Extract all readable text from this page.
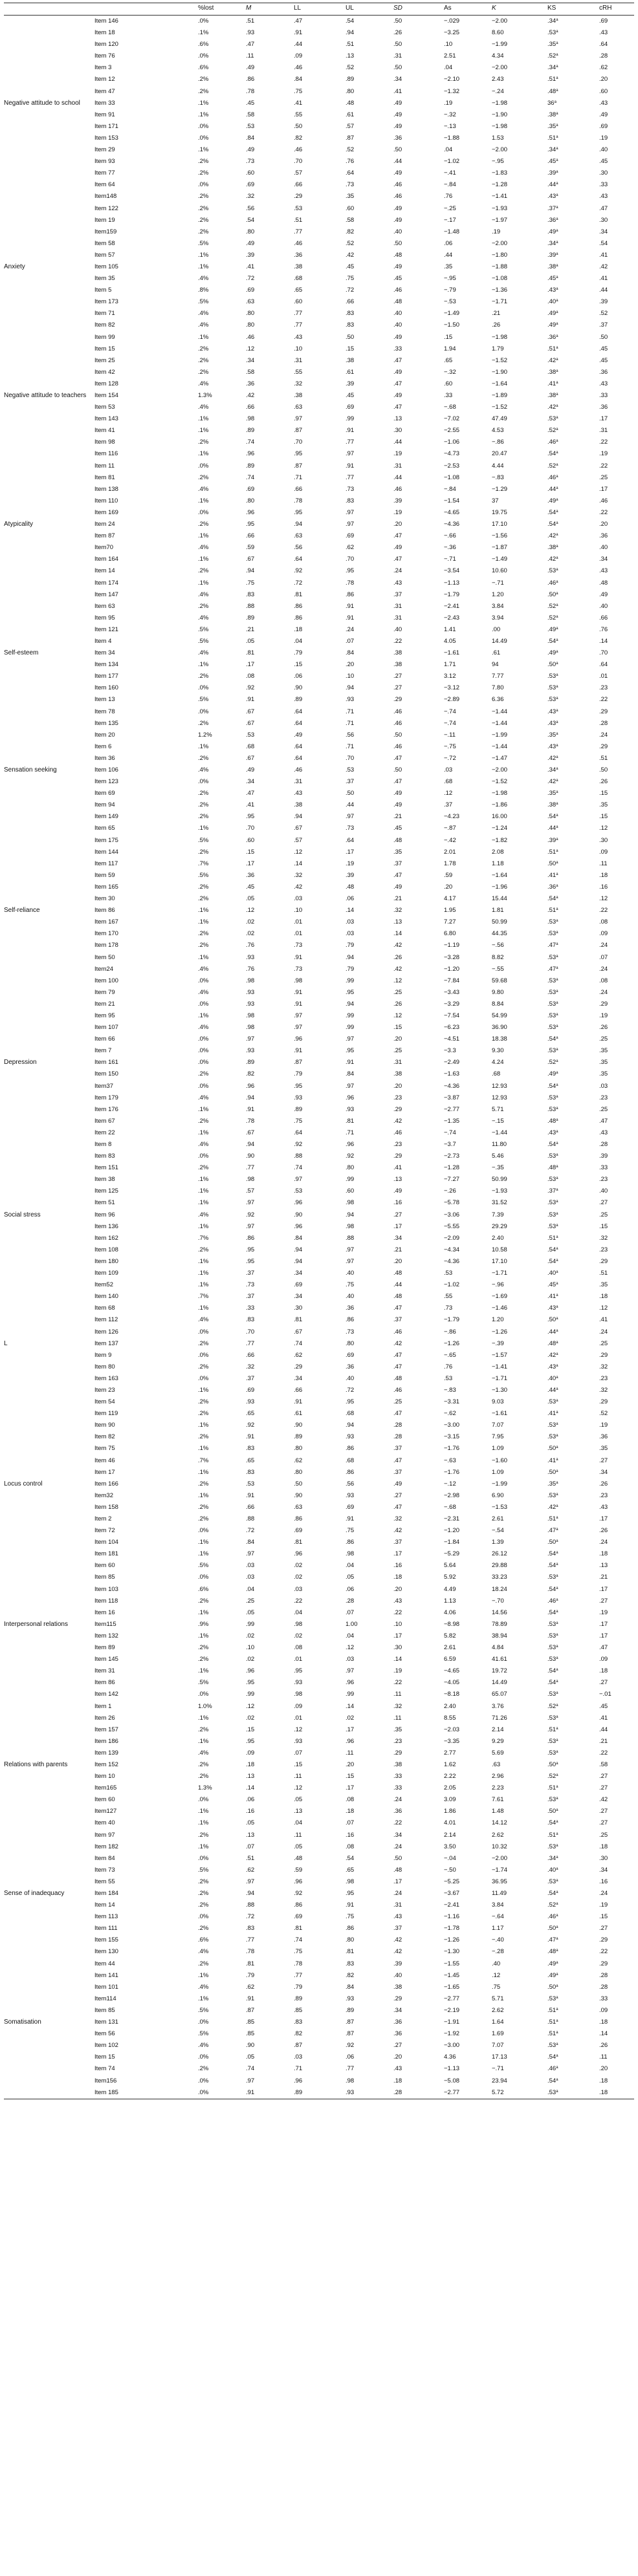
		%lost	M	LL	UL	SD	As	K	KS	cRH
	Item 146	.0%	.51	.47	.54	.50	−.029	−2.00	.34$^a$	.69
	Item 18	.1%	.93	.91	.94	.26	−3.25	8.60	.53$^a$	.43
	Item 120	.6%	.47	.44	.51	.50	.10	−1.99	.35$^a$	.64
	Item 76	.0%	.11	.09	.13	.31	2.51	4.34	.52$^a$	.28
	Item 3	.6%	.49	.46	.52	.50	.04	−2.00	.34$^a$	.62
	Item 12	.2%	.86	.84	.89	.34	−2.10	2.43	.51$^a$	.20
	Item 47	.2%	.78	.75	.80	.41	−1.32	−.24	.48$^a$	.60
Negative attitude to school	Item 33	.1%	.45	.41	.48	.49	.19	−1.98	36$^a$	.43
	Item 91	.1%	.58	.55	.61	.49	−.32	−1.90	.38$^a$	.49
	Item 171	.0%	.53	.50	.57	.49	−.13	−1.98	.35$^a$	.69
	Item 153	.0%	.84	.82	.87	.36	−1.88	1.53	.51$^a$	.19
	Item 29	.1%	.49	.46	.52	.50	.04	−2.00	.34$^a$	.40
	Item 93	.2%	.73	.70	.76	.44	−1.02	−.95	.45$^a$	.45
	Item 77	.2%	.60	.57	.64	.49	−.41	−1.83	.39$^a$	.30
	Item 64	.0%	.69	.66	.73	.46	−.84	−1.28	.44$^a$	.33
	Item148	.2%	.32	.29	.35	.46	.76	−1.41	.43$^a$	.43
	Item 122	.2%	.56	.53	.60	.49	−.25	−1.93	.37$^a$	.47
	Item 19	.2%	.54	.51	.58	.49	−.17	−1.97	.36$^a$	.30
	Item159	.2%	.80	.77	.82	.40	−1.48	.19	.49$^a$	.34
	Item 58	.5%	.49	.46	.52	.50	.06	−2.00	.34$^a$	.54
	Item 57	.1%	.39	.36	.42	.48	.44	−1.80	.39$^a$	.41
Anxiety	Item 105	.1%	.41	.38	.45	.49	.35	−1.88	.38$^a$	.42
	Item 35	.4%	.72	.68	.75	.45	−.95	−1.08	.45$^a$	.41
	Item 5	.8%	.69	.65	.72	.46	−.79	−1.36	.43$^a$	.44
	Item 173	.5%	.63	.60	.66	.48	−.53	−1.71	.40$^a$	.39
	Item 71	.4%	.80	.77	.83	.40	−1.49	.21	.49$^a$	.52
	Item 82	.4%	.80	.77	.83	.40	−1.50	.26	.49$^a$	.37
	Item 99	.1%	.46	.43	.50	.49	.15	−1.98	.36$^a$	.50
	Item 15	.2%	.12	.10	.15	.33	1.94	1.79	.51$^a$	.45
	Item 25	.2%	.34	.31	.38	.47	.65	−1.52	.42$^a$	.45
	Item 42	.2%	.58	.55	.61	.49	−.32	−1.90	.38$^a$	.36
	Item 128	.4%	.36	.32	.39	.47	.60	−1.64	.41$^a$	.43
Negative attitude to teachers	Item 154	1.3%	.42	.38	.45	.49	.33	−1.89	.38$^a$	.33
	Item 53	.4%	.66	.63	.69	.47	−.68	−1.52	.42$^a$	.36
	Item 143	.1%	.98	.97	.99	.13	−7.02	47.49	.53$^a$	.17
	Item 41	.1%	.89	.87	.91	.30	−2.55	4.53	.52$^a$	.31
	Item 98	.2%	.74	.70	.77	.44	−1.06	−.86	.46$^a$	.22
	Item 116	.1%	.96	.95	.97	.19	−4.73	20.47	.54$^a$	.19
	Item 11	.0%	.89	.87	.91	.31	−2.53	4.44	.52$^a$	.22
	Item 81	.2%	.74	.71	.77	.44	−1.08	−.83	.46$^a$	.25
	Item 138	.4%	.69	.66	.73	.46	−.84	−1.29	.44$^a$	.17
	Item 110	.1%	.80	.78	.83	.39	−1.54	37	.49$^a$	.46
	Item 169	.0%	.96	.95	.97	.19	−4.65	19.75	.54$^a$	.22
Atypicality	Item 24	.2%	.95	.94	.97	.20	−4.36	17.10	.54$^a$	.20
	Item 87	.1%	.66	.63	.69	.47	−.66	−1.56	.42$^a$	.36
	Item70	.4%	.59	.56	.62	.49	−.36	−1.87	.38$^a$	.40
	Item 164	.1%	.67	.64	.70	.47	−.71	−1.49	.42$^a$	.34
	Item 14	.2%	.94	.92	.95	.24	−3.54	10.60	.53$^a$	.43
	Item 174	.1%	.75	.72	.78	.43	−1.13	−.71	.46$^a$	.48
	Item 147	.4%	.83	.81	.86	.37	−1.79	1.20	.50$^a$	.49
	Item 63	.2%	.88	.86	.91	.31	−2.41	3.84	.52$^a$	.40
	Item 95	.4%	.89	.86	.91	.31	−2.43	3.94	.52$^a$	.66
	Item 121	.5%	.21	.18	.24	.40	1.41	.00	.49$^a$	.76
	Item 4	.5%	.05	.04	.07	.22	4.05	14.49	.54$^a$	.14
Self-esteem	Item 34	.4%	.81	.79	.84	.38	−1.61	.61	.49$^a$	.70
	Item 134	.1%	.17	.15	.20	.38	1.71	94	.50$^a$	.64
	Item 177	.2%	.08	.06	.10	.27	3.12	7.77	.53$^a$	.01
	Item 160	.0%	.92	.90	.94	.27	−3.12	7.80	.53$^a$	.23
	Item 13	.5%	.91	.89	.93	.29	−2.89	6.36	.53$^a$	.22
	Item 78	.0%	.67	.64	.71	.46	−.74	−1.44	.43$^a$	.29
	Item 135	.2%	.67	.64	.71	.46	−.74	−1.44	.43$^a$	.28
	Item 20	1.2%	.53	.49	.56	.50	−.11	−1.99	.35$^a$	.24
	Item 6	.1%	.68	.64	.71	.46	−.75	−1.44	.43$^a$	.29
	Item 36	.2%	.67	.64	.70	.47	−.72	−1.47	.42$^a$	.51
Sensation seeking	Item 106	.4%	.49	.46	.53	.50	.03	−2.00	.34$^a$	.50
	Item 123	.0%	.34	.31	.37	.47	.68	−1.52	.42$^a$	.26
	Item 69	.2%	.47	.43	.50	.49	.12	−1.98	.35$^a$	.15
	Item 94	.2%	.41	.38	.44	.49	.37	−1.86	.38$^a$	.35
	Item 149	.2%	.95	.94	.97	.21	−4.23	16.00	.54$^a$	.15
	Item 65	.1%	.70	.67	.73	.45	−.87	−1.24	.44$^a$	.12
	Item 175	.5%	.60	.57	.64	.48	−.42	−1.82	.39$^a$	.30
	Item 144	.2%	.15	.12	.17	.35	2.01	2.08	.51$^a$	.09
	Item 117	.7%	.17	.14	.19	.37	1.78	1.18	.50$^a$	.11
	Item 59	.5%	.36	.32	.39	.47	.59	−1.64	.41$^a$	.18
	Item 165	.2%	.45	.42	.48	.49	.20	−1.96	.36$^a$	.16
	Item 30	.2%	.05	.03	.06	.21	4.17	15.44	.54$^a$	.12
Self-reliance	Item 86	.1%	.12	.10	.14	.32	1.95	1.81	.51$^a$	.22
	Item 167	.1%	.02	.01	.03	.13	7.27	50.99	.53$^a$	.08
	Item 170	.2%	.02	.01	.03	.14	6.80	44.35	.53$^a$	.09
	Item 178	.2%	.76	.73	.79	.42	−1.19	−.56	.47$^a$	.24
	Item 50	.1%	.93	.91	.94	.26	−3.28	8.82	.53$^a$	.07
	Item24	.4%	.76	.73	.79	.42	−1.20	−.55	.47$^a$	.24
	Item 100	.0%	.98	.98	.99	.12	−7.84	59.68	.53$^a$	.08
	Item 79	.4%	.93	.91	.95	.25	−3.43	9.80	.53$^a$	.24
	Item 21	.0%	.93	.91	.94	.26	−3.29	8.84	.53$^a$	.29
	Item 95	.1%	.98	.97	.99	.12	−7.54	54.99	.53$^a$	.19
	Item 107	.4%	.98	.97	.99	.15	−6.23	36.90	.53$^a$	.26
	Item 66	.0%	.97	.96	.97	.20	−4.51	18.38	.54$^a$	.25
	Item 7	.0%	.93	.91	.95	.25	−3.3	9.30	.53$^a$	.35
Depression	Item 161	.0%	.89	.87	.91	.31	−2.49	4.24	.52$^a$	.35
	Item 150	.2%	.82	.79	.84	.38	−1.63	.68	.49$^a$	.35
	Item37	.0%	.96	.95	.97	.20	−4.36	12.93	.54$^a$	.03
	Item 179	.4%	.94	.93	.96	.23	−3.87	12.93	.53$^a$	.23
	Item 176	.1%	.91	.89	.93	.29	−2.77	5.71	.53$^a$	.25
	Item 67	.2%	.78	.75	.81	.42	−1.35	−.15	.48$^a$	.47
	Item 22	.1%	.67	.64	.71	.46	−.74	−1.44	.43$^a$	.43
	Item 8	.4%	.94	.92	.96	.23	−3.7	11.80	.54$^a$	.28
	Item 83	.0%	.90	.88	.92	.29	−2.73	5.46	.53$^a$	.39
	Item 151	.2%	.77	.74	.80	.41	−1.28	−.35	.48$^a$	.33
	Item 38	.1%	.98	.97	.99	.13	−7.27	50.99	.53$^a$	.23
	Item 125	.1%	.57	.53	.60	.49	−.26	−1.93	.37$^a$	.40
	Item 51	.1%	.97	.96	.98	.16	−5.78	31.52	.53$^a$	.27
Social stress	Item 96	.4%	.92	.90	.94	.27	−3.06	7.39	.53$^a$	.25
	Item 136	.1%	.97	.96	.98	.17	−5.55	29.29	.53$^a$	.15
	Item 162	.7%	.86	.84	.88	.34	−2.09	2.40	.51$^a$	.32
	Item 108	.2%	.95	.94	.97	.21	−4.34	10.58	.54$^a$	.23
	Item 180	.1%	.95	.94	.97	.20	−4.36	17.10	.54$^a$	.29
	Item 109	.1%	.37	.34	.40	.48	.53	−1.71	.40$^a$	.51
	Item52	.1%	.73	.69	.75	.44	−1.02	−.96	.45$^a$	.35
	Item 140	.7%	.37	.34	.40	.48	.55	−1.69	.41$^a$	.18
	Item 68	.1%	.33	.30	.36	.47	.73	−1.46	.43$^a$	.12
	Item 112	.4%	.83	.81	.86	.37	−1.79	1.20	.50$^a$	.41
	Item 126	.0%	.70	.67	.73	.46	−.86	−1.26	.44$^a$	.24
L	Item 137	.2%	.77	.74	.80	.42	−1.26	−.39	.48$^a$	.25
	Item 9	.0%	.66	.62	.69	.47	−.65	−1.57	.42$^a$	.29
	Item 80	.2%	.32	.29	.36	.47	.76	−1.41	.43$^a$	.32
	Item 163	.0%	.37	.34	.40	.48	.53	−1.71	.40$^a$	.23
	Item 23	.1%	.69	.66	.72	.46	−.83	−1.30	.44$^a$	.32
	Item 54	.2%	.93	.91	.95	.25	−3.31	9.03	.53$^a$	.29
	Item 119	.2%	.65	.61	.68	.47	−.62	−1.61	.41$^a$	.52
	Item 90	.1%	.92	.90	.94	.28	−3.00	7.07	.53$^a$	.19
	Item 82	.2%	.91	.89	.93	.28	−3.15	7.95	.53$^a$	.36
	Item 75	.1%	.83	.80	.86	.37	−1.76	1.09	.50$^a$	.35
	Item 46	.7%	.65	.62	.68	.47	−.63	−1.60	.41$^a$	.27
	Item 17	.1%	.83	.80	.86	.37	−1.76	1.09	.50$^a$	.34
Locus control	Item 166	.2%	.53	.50	.56	.49	−.12	−1.99	.35$^a$	.26
	Item32	.1%	.91	.90	.93	.27	−2.98	6.90	.53$^a$	.23
	Item 158	.2%	.66	.63	.69	.47	−.68	−1.53	.42$^a$	.43
	Item 2	.2%	.88	.86	.91	.32	−2.31	2.61	.51$^a$	.17
	Item 72	.0%	.72	.69	.75	.42	−1.20	−.54	.47$^a$	.26
	Item 104	.1%	.84	.81	.86	.37	−1.84	1.39	.50$^a$	.24
	Item 181	.1%	.97	.96	.98	.17	−5.29	26.12	.54$^a$	.18
	Item 60	.5%	.03	.02	.04	.16	5.64	29.88	.54$^a$	.13
	Item 85	.0%	.03	.02	.05	.18	5.92	33.23	.53$^a$	.21
	Item 103	.6%	.04	.03	.06	.20	4.49	18.24	.54$^a$	.17
	Item 118	.2%	.25	.22	.28	.43	1.13	−.70	.46$^a$	.27
	Item 16	.1%	.05	.04	.07	.22	4.06	14.56	.54$^a$	.19
Interpersonal relations	Item115	.9%	.99	.98	1.00	.10	−8.98	78.89	.53$^a$	.17
	Item 132	.1%	.02	.02	.04	.17	5.82	38.94	.53$^a$	.17
	Item 89	.2%	.10	.08	.12	.30	2.61	4.84	.53$^a$	.47
	Item 145	.2%	.02	.01	.03	.14	6.59	41.61	.53$^a$	.09
	Item 31	.1%	.96	.95	.97	.19	−4.65	19.72	.54$^a$	.18
	Item 86	.5%	.95	.93	.96	.22	−4.05	14.49	.54$^a$	.27
	Item 142	.0%	.99	.98	.99	.11	−8.18	65.07	.53$^a$	−.01
	Item 1	1.0%	.12	.09	.14	.32	2.40	3.76	.52$^a$	.45
	Item 26	.1%	.02	.01	.02	.11	8.55	71.26	.53$^a$	.41
	Item 157	.2%	.15	.12	.17	.35	−2.03	2.14	.51$^a$	.44
	Item 186	.1%	.95	.93	.96	.23	−3.35	9.29	.53$^a$	.21
	Item 139	.4%	.09	.07	.11	.29	2.77	5.69	.53$^a$	.22
Relations with parents	Item 152	.2%	.18	.15	.20	.38	1.62	.63	.50$^a$	.58
	Item 10	.2%	.13	.11	.15	.33	2.22	2.96	.52$^a$	.27
	Item165	1.3%	.14	.12	.17	.33	2.05	2.23	.51$^a$	.27
	Item 60	.0%	.06	.05	.08	.24	3.09	7.61	.53$^a$	.42
	Item127	.1%	.16	.13	.18	.36	1.86	1.48	.50$^a$	.27
	Item 40	.1%	.05	.04	.07	.22	4.01	14.12	.54$^a$	.27
	Item 97	.2%	.13	.11	.16	.34	2.14	2.62	.51$^a$	.25
	Item 182	.1%	.07	.05	.08	.24	3.50	10.32	.53$^a$	.18
	Item 84	.0%	.51	.48	.54	.50	−.04	−2.00	.34$^a$	.30
	Item 73	.5%	.62	.59	.65	.48	−.50	−1.74	.40$^a$	.34
	Item 55	.2%	.97	.96	.98	.17	−5.25	36.95	.53$^a$	.16
Sense of inadequacy	Item 184	.2%	.94	.92	.95	.24	−3.67	11.49	.54$^a$	.24
	Item 14	.2%	.88	.86	.91	.31	−2.41	3.84	.52$^a$	.19
	Item 113	.0%	.72	.69	.75	.43	−1.16	−.64	.46$^a$	.15
	Item 111	.2%	.83	.81	.86	.37	−1.78	1.17	.50$^a$	.27
	Item 155	.6%	.77	.74	.80	.42	−1.26	−.40	.47$^a$	.29
	Item 130	.4%	.78	.75	.81	.42	−1.30	−.28	.48$^a$	.22
	Item 44	.2%	.81	.78	.83	.39	−1.55	.40	.49$^a$	.29
	Item 141	.1%	.79	.77	.82	.40	−1.45	.12	.49$^a$	.28
	Item 101	.4%	.62	.79	.84	.38	−1.65	.75	.50$^a$	.28
	Item114	.1%	.91	.89	.93	.29	−2.77	5.71	.53$^a$	.33
	Item 85	.5%	.87	.85	.89	.34	−2.19	2.62	.51$^a$	.09
Somatisation	Item 131	.0%	.85	.83	.87	.36	−1.91	1.64	.51$^a$	.18
	Item 56	.5%	.85	.82	.87	.36	−1.92	1.69	.51$^a$	.14
	Item 102	.4%	.90	.87	.92	.27	−3.00	7.07	.53$^a$	.26
	Item 15	.0%	.05	.03	.06	.20	4.36	17.13	.54$^a$	.11
	Item 74	.2%	.74	.71	.77	.43	−1.13	−.71	.46$^a$	.20
	Item156	.0%	.97	.96	.98	.18	−5.08	23.94	.54$^a$	.18
	Item 185	.0%	.91	.89	.93	.28	−2.77	5.72	.53$^a$	.18
